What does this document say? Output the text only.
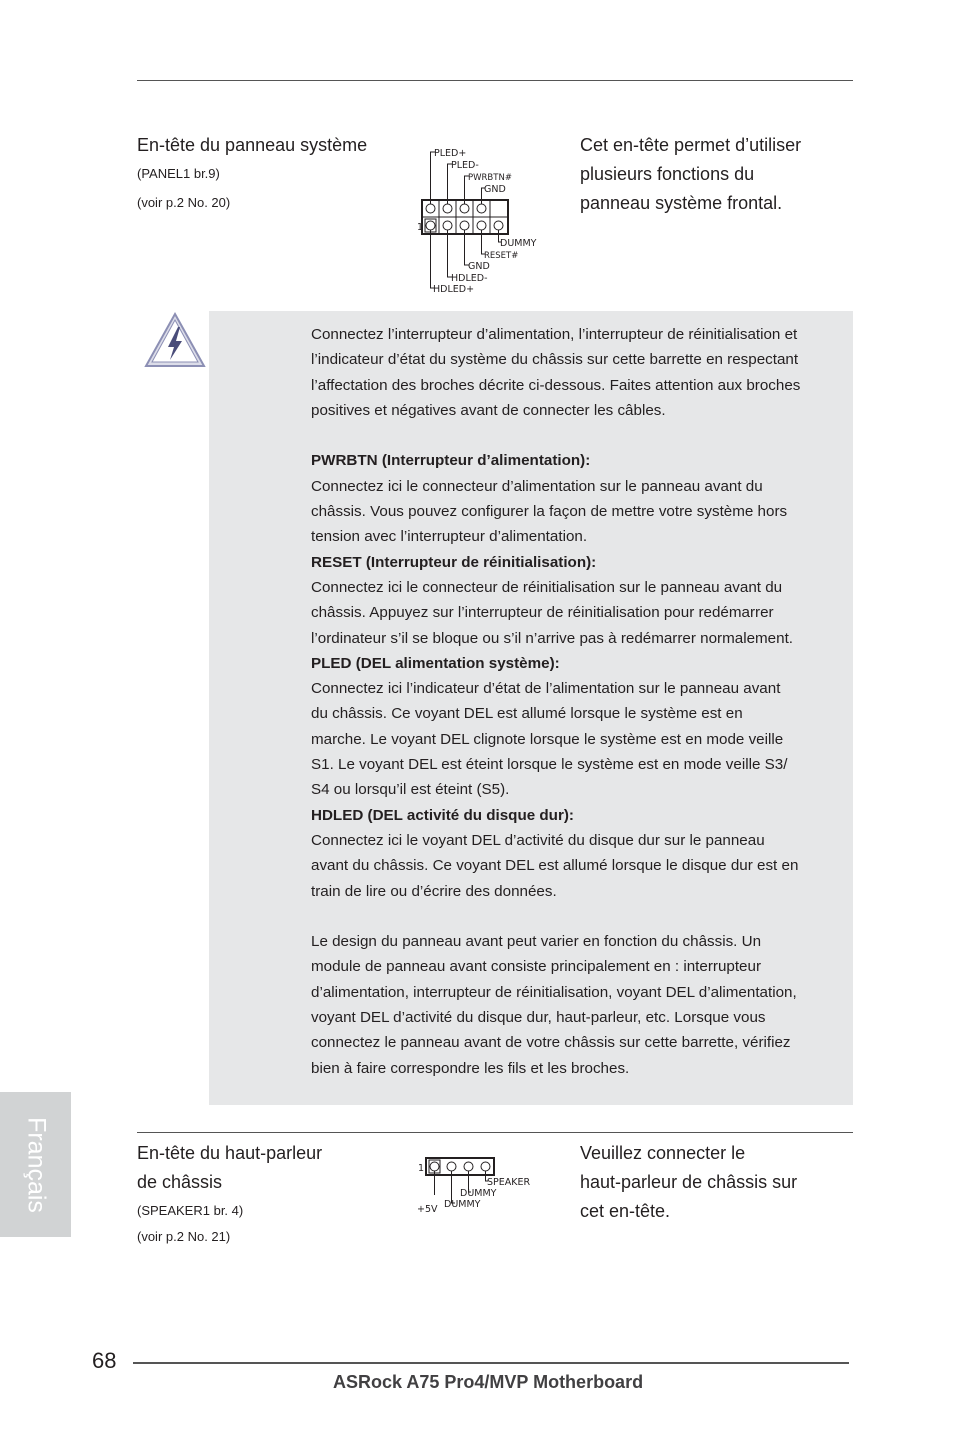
En-tête du panneau système
(PANEL1 br.9)
(voir p.2 No. 20)
Cet en-tête permet d’utiliser
plusieurs fonctions du
panneau système frontal.
1
PLED+
PLED-
PWRBTN#
GND
DUMMY
RESET#
GND
HDLED-
HDLED+

Connectez l’interrupteur d’alimentation, l’interrupteur de réinitialisation et

l’indicateur d’état du système du châssis sur cette barrette en respectant

l’affectation des broches décrite ci-dessous. Faites attention aux broches

positives et négatives avant de connecter les câbles.

PWRBTN (Interrupteur d’alimentation):

Connectez ici le connecteur d’alimentation sur le panneau avant du

châssis. Vous pouvez configurer la façon de mettre votre système hors

tension avec l’interrupteur d’alimentation.

RESET (Interrupteur de réinitialisation):

Connectez ici le connecteur de réinitialisation sur le panneau avant du

châssis. Appuyez sur l’interrupteur de réinitialisation pour redémarrer

l’ordinateur s’il se bloque ou s’il n’arrive pas à redémarrer normalement.

PLED (DEL alimentation système):

Connectez ici l’indicateur d’état de l’alimentation sur le panneau avant

du châssis. Ce voyant DEL est allumé lorsque le système est en

marche. Le voyant DEL clignote lorsque le système est en mode veille

S1. Le voyant DEL est éteint lorsque le système est en mode veille S3/

S4 ou lorsqu’il est éteint (S5).

HDLED (DEL activité du disque dur):

Connectez ici le voyant DEL d’activité du disque dur sur le panneau

avant du châssis. Ce voyant DEL est allumé lorsque le disque dur est en

train de lire ou d’écrire des données.

Le design du panneau avant peut varier en fonction du châssis. Un

module de panneau avant consiste principalement en : interrupteur

d’alimentation, interrupteur de réinitialisation, voyant DEL d’alimentation,

voyant DEL d’activité du disque dur, haut-parleur, etc. Lorsque vous

connectez le panneau avant de votre châssis sur cette barrette, vérifiez

bien à faire correspondre les fils et les broches.

Français	En-tête du haut-parleur
de châssis
(SPEAKER1 br. 4)
(voir p.2 No. 21)
Veuillez connecter le
haut-parleur de châssis sur
cet en-tête.
1
SPEAKER
DUMMY
DUMMY
+5V
68
ASRock A75 Pro4/MVP Motherboard
